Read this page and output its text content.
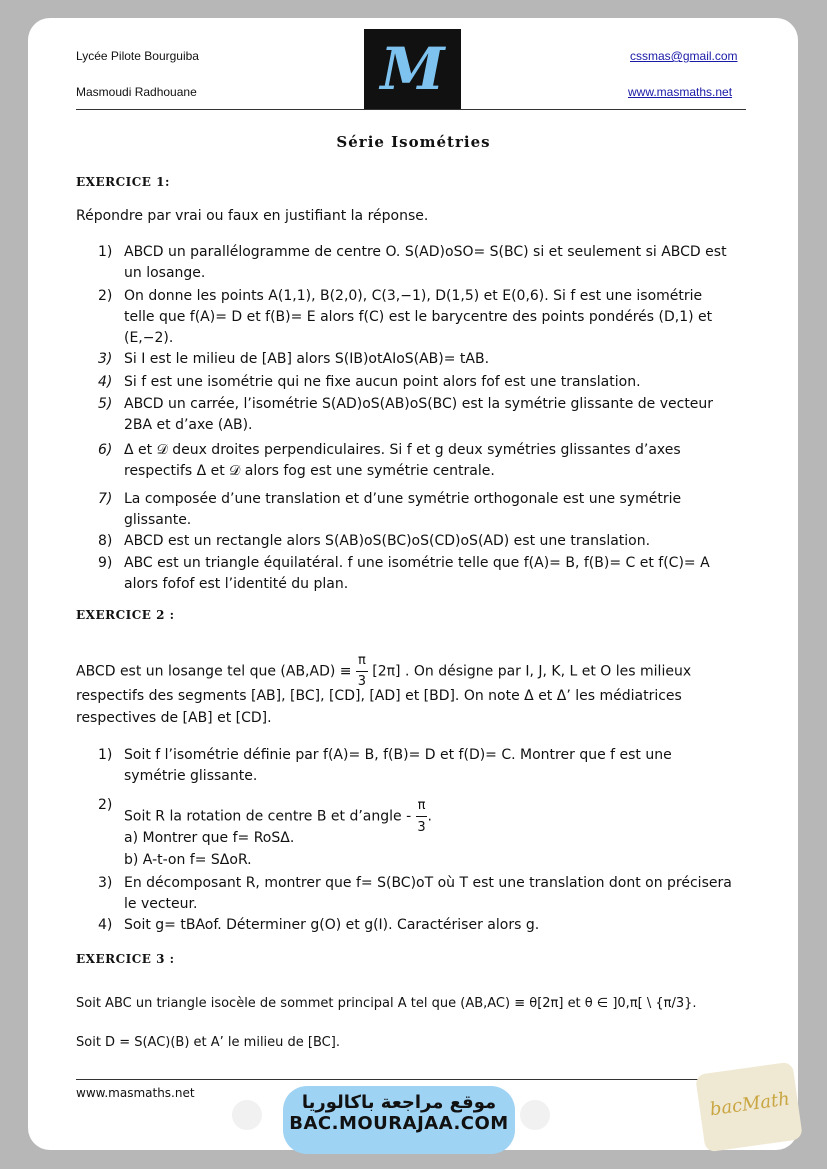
Lycée Pilote Bourguiba
Masmoudi Radhouane
cssmas@gmail.com
www.masmaths.net
M
Série Isométries
EXERCICE 1:
Répondre par vrai ou faux en justifiant la réponse.
1) ABCD un parallélogramme de centre O. S(AD)oSO= S(BC) si et seulement si ABCD est un losange.
2) On donne les points A(1,1), B(2,0), C(3,−1), D(1,5) et E(0,6). Si f est une isométrie telle que f(A)= D et f(B)= E alors f(C) est le barycentre des points pondérés (D,1) et (E,−2).
3) Si I est le milieu de [AB] alors S(IB)otAIoS(AB)= tAB.
4) Si f est une isométrie qui ne fixe aucun point alors fof est une translation.
5) ABCD un carrée, l’isométrie S(AD)oS(AB)oS(BC) est la symétrie glissante de vecteur 2BA et d’axe (AB).
6) Δ et 𝒟 deux droites perpendiculaires. Si f et g deux symétries glissantes d’axes respectifs Δ et 𝒟 alors fog est une symétrie centrale.
7) La composée d’une translation et d’une symétrie orthogonale est une symétrie glissante.
8) ABCD est un rectangle alors S(AB)oS(BC)oS(CD)oS(AD) est une translation.
9) ABC est un triangle équilatéral. f une isométrie telle que f(A)= B, f(B)= C et f(C)= A alors fofof est l’identité du plan.
EXERCICE 2 :
ABCD est un losange tel que $(AB,AD) \equiv \frac{\pi}{3} [2\pi]$ . On désigne par I, J, K, L et O les milieux
respectifs des segments [AB], [BC], [CD], [AD] et [BD]. On note Δ et Δ’ les médiatrices
respectives de [AB] et [CD].
1) Soit f l’isométrie définie par f(A)= B, f(B)= D et f(D)= C. Montrer que f est une symétrie glissante.
2)
Soit R la rotation de centre B et d’angle - $\frac{\pi}{3}$.
a) Montrer que f= RoSΔ.
b) A-t-on f= SΔoR.
3) En décomposant R, montrer que f= S(BC)oT où T est une translation dont on précisera le vecteur.
4) Soit g= tBAof. Déterminer g(O) et g(I). Caractériser alors g.
EXERCICE 3 :
Soit ABC un triangle isocèle de sommet principal A tel que (AB,AC) ≡ θ[2π] et θ ∈ ]0,π[ \ {π/3}.
Soit D = S(AC)(B) et A’ le milieu de [BC].
www.masmaths.net	موقع مراجعة باكالوريا
BAC.MOURAJAA.COM
bacMath
